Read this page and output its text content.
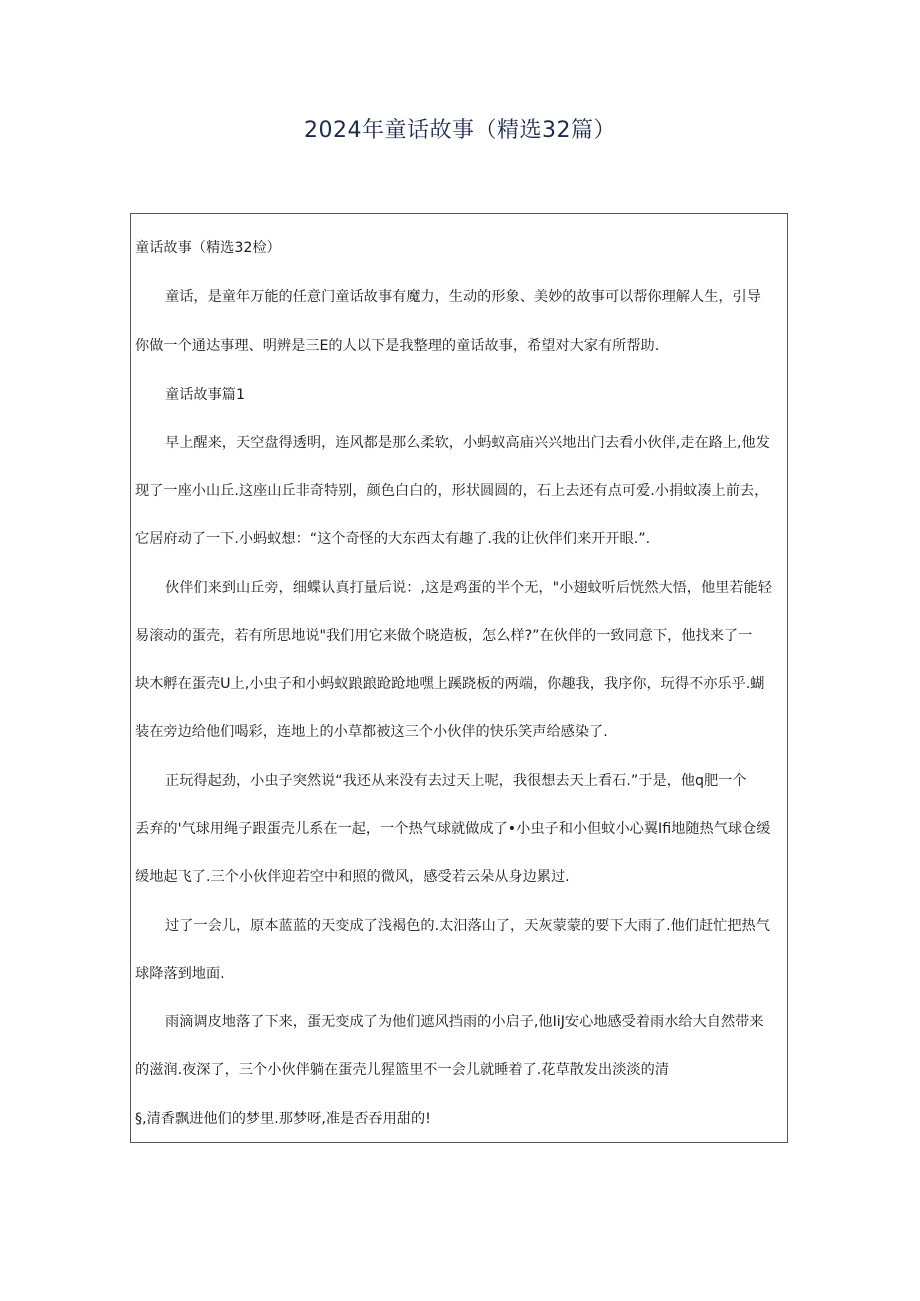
2024年童话故事（精选32篇）
童话故事（精选32检）
童话，是童年万能的任意门童话故事有魔力，生动的形象、美妙的故事可以帮你理解人生，引导
你做一个通达事理、明辨是三E的人以下是我整理的童话故事，希望对大家有所帮助.
童话故事篇1
早上醒来，天空盘得透明，连风都是那么柔软，小蚂蚁高庙兴兴地出门去看小伙伴,走在路上,他发
现了一座小山丘.这座山丘非奇特别，颜色白白的，形状圆圆的，石上去还有点可爱.小捐蚊凑上前去，
它居府动了一下.小蚂蚁想：“这个奇怪的大东西太有趣了.我的让伙伴们来开开眼.”.
伙伴们来到山丘旁，细蝶认真打量后说：,这是鸡蛋的半个无，"小翅蚊听后恍然大悟，他里若能轻
易滚动的蛋壳，若有所思地说"我们用它来做个晓造板，怎么样?”在伙伴的一致同意下，他找来了一
块木孵在蛋壳U上,小虫子和小蚂蚁踉踉跄跄地嘿上蹊跷板的两端，你趣我，我序你，玩得不亦乐乎.蝴
装在旁边给他们喝彩，连地上的小草都被这三个小伙伴的快乐笑声给感染了.
正玩得起劲，小虫子突然说“我还从来没有去过天上呢，我很想去天上看石.”于是，他q肥一个
丢弃的'气球用绳子跟蛋壳儿系在一起，一个热气球就做成了•小虫子和小但蚊小心翼Ifi地随热气球仓缓
缓地起飞了.三个小伙伴迎若空中和照的微风，感受若云朵从身边累过.
过了一会儿，原本蓝蓝的天变成了浅褐色的.太汨落山了，天灰蒙蒙的要下大雨了.他们赶忙把热气
球降落到地面.
雨滴调皮地落了下来，蛋无变成了为他们遮风挡雨的小启子,他IiJ安心地感受着雨水给大自然带来
的滋润.夜深了，三个小伙伴躺在蛋壳儿猩篮里不一会儿就睡着了.花草散发出淡淡的清
§,清香飘进他们的梦里.那梦呀,准是否吞用甜的!
